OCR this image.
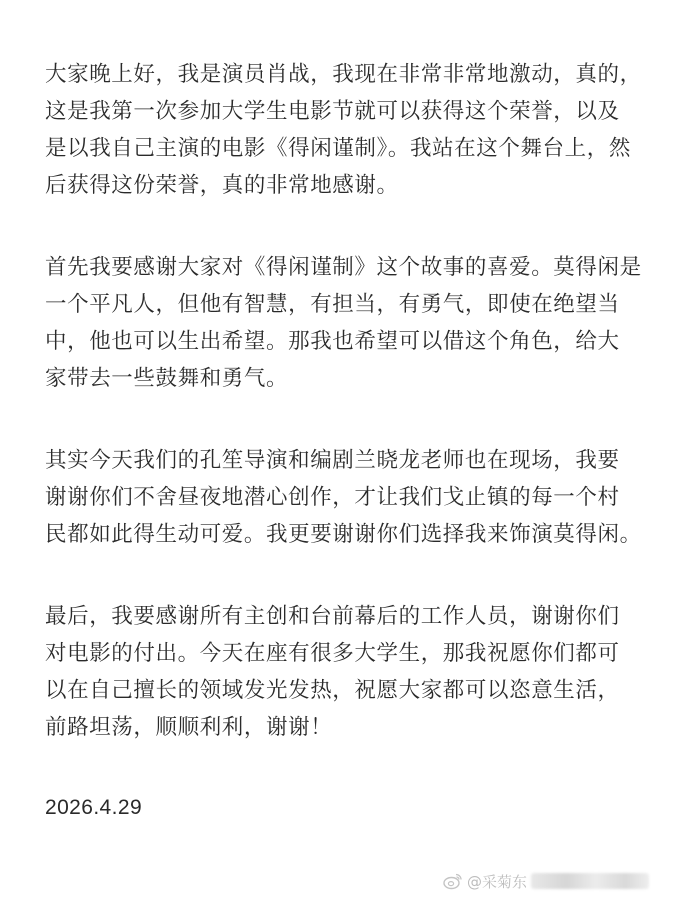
大家晚上好，我是演员肖战，我现在非常非常地激动，真的，
这是我第一次参加大学生电影节就可以获得这个荣誉，以及
是以我自己主演的电影《得闲谨制》。我站在这个舞台上，然
后获得这份荣誉，真的非常地感谢。

首先我要感谢大家对《得闲谨制》这个故事的喜爱。莫得闲是
一个平凡人，但他有智慧，有担当，有勇气，即使在绝望当
中，他也可以生出希望。那我也希望可以借这个角色，给大
家带去一些鼓舞和勇气。

其实今天我们的孔笙导演和编剧兰晓龙老师也在现场，我要
谢谢你们不舍昼夜地潜心创作，才让我们戈止镇的每一个村
民都如此得生动可爱。我更要谢谢你们选择我来饰演莫得闲。

最后，我要感谢所有主创和台前幕后的工作人员，谢谢你们
对电影的付出。今天在座有很多大学生，那我祝愿你们都可
以在自己擅长的领域发光发热，祝愿大家都可以恣意生活，
前路坦荡，顺顺利利，谢谢！

2026.4.29
@采菊东
